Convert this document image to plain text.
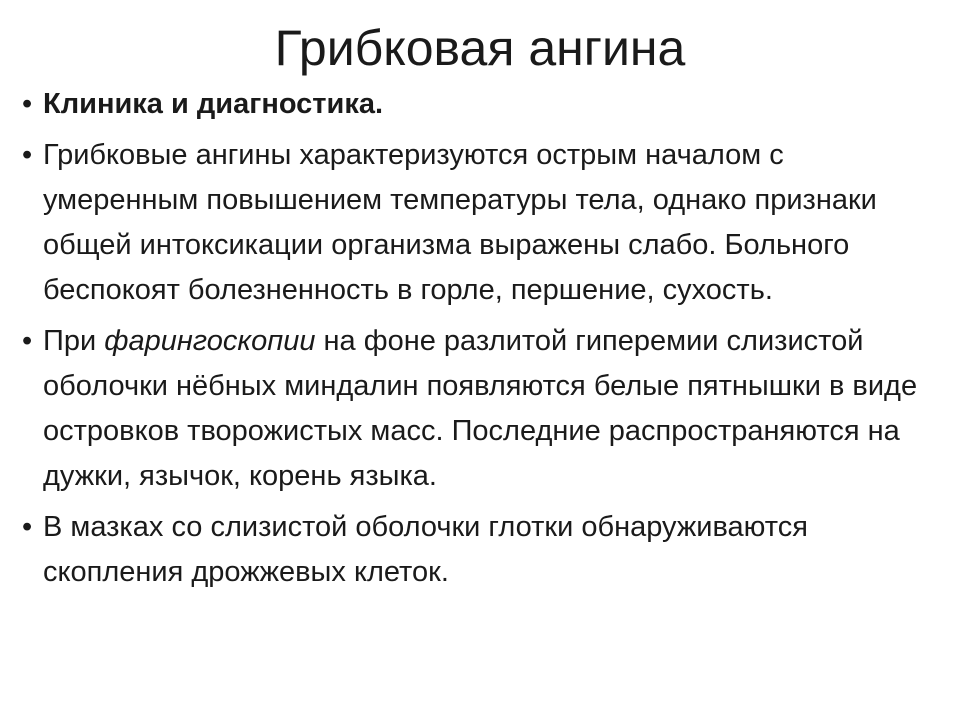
Грибковая ангина
•
Клиника и диагностика.
•
Грибковые ангины характеризуются острым началом с умеренным повышением температуры тела, однако признаки общей интоксикации организма выражены слабо. Больного беспокоят болезненность в горле, першение, сухость.
•
При фарингоскопии на фоне разлитой гиперемии слизистой оболочки нёбных миндалин появляются белые пятнышки в виде островков творожистых масс. Последние распространяются на дужки, язычок, корень языка.
•
В мазках со слизистой оболочки глотки обнаруживаются скопления дрожжевых клеток.
